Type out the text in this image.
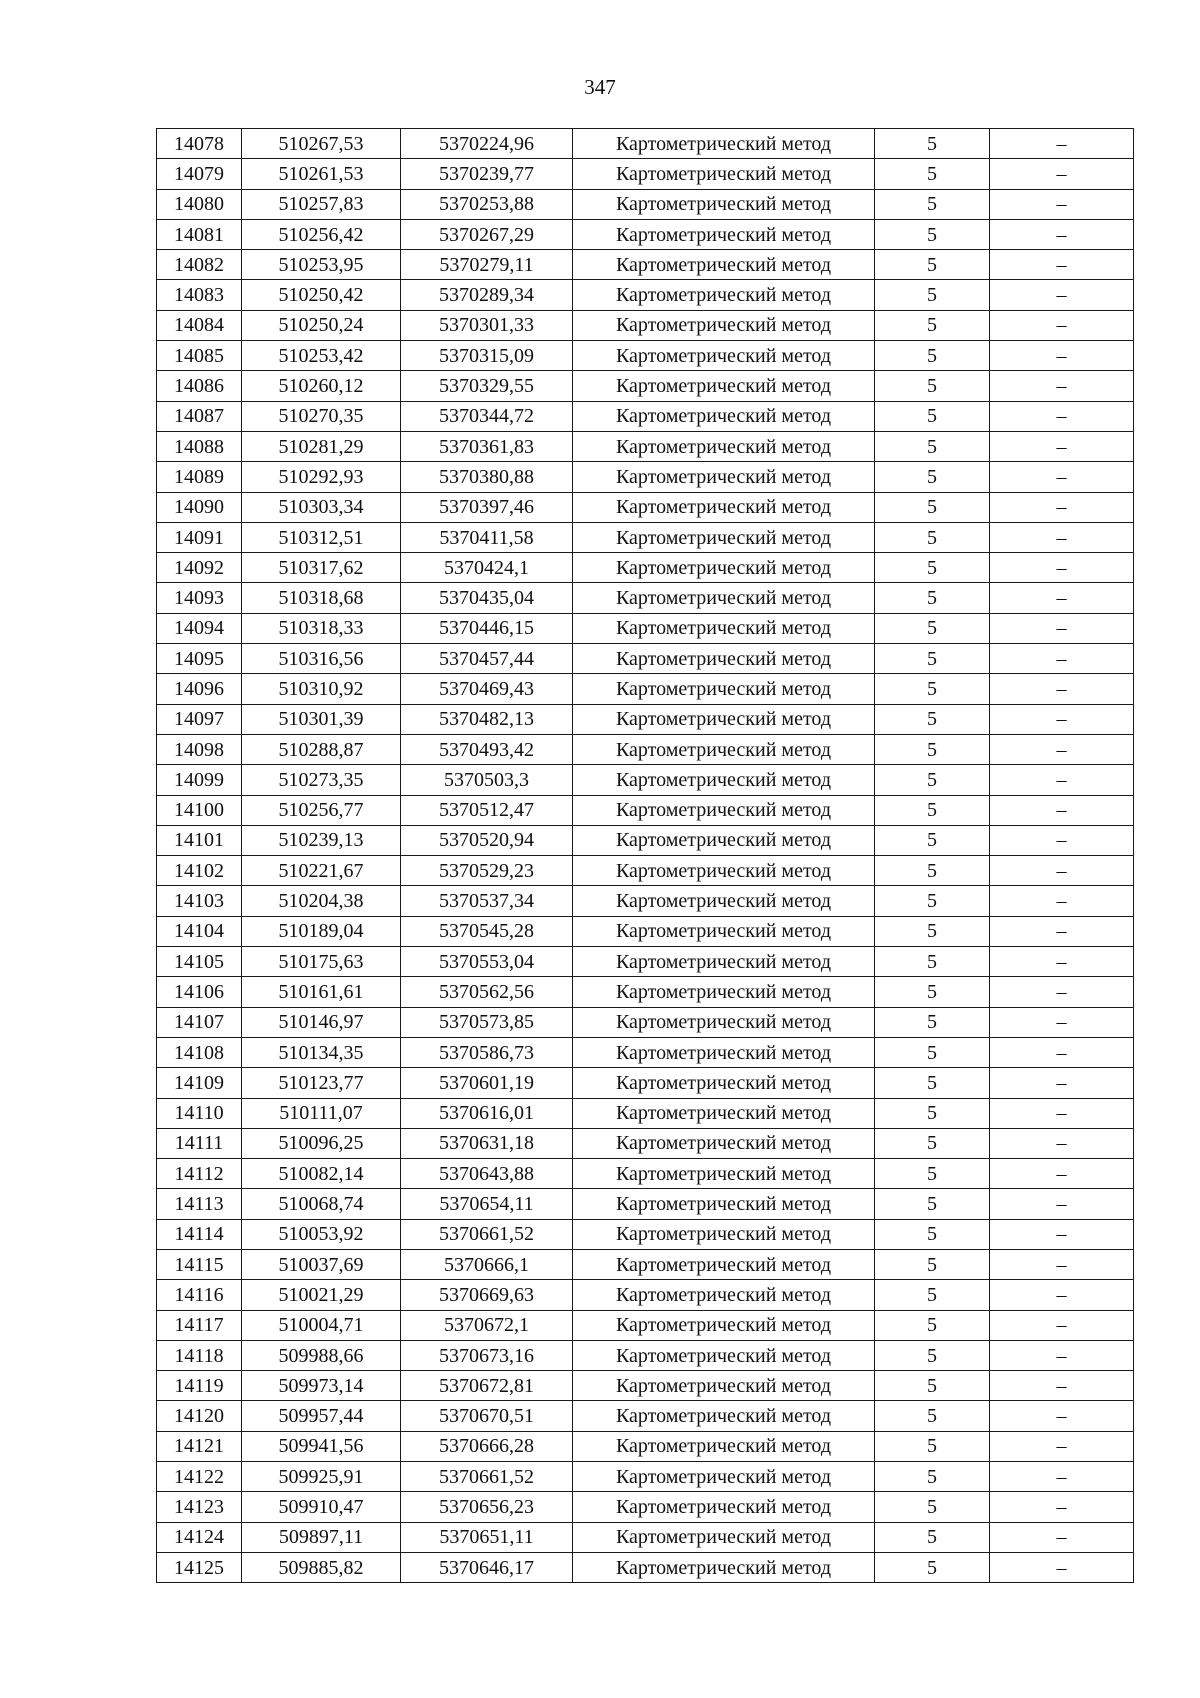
347
14078	510267,53	5370224,96	Картометрический метод	5	–
14079	510261,53	5370239,77	Картометрический метод	5	–
14080	510257,83	5370253,88	Картометрический метод	5	–
14081	510256,42	5370267,29	Картометрический метод	5	–
14082	510253,95	5370279,11	Картометрический метод	5	–
14083	510250,42	5370289,34	Картометрический метод	5	–
14084	510250,24	5370301,33	Картометрический метод	5	–
14085	510253,42	5370315,09	Картометрический метод	5	–
14086	510260,12	5370329,55	Картометрический метод	5	–
14087	510270,35	5370344,72	Картометрический метод	5	–
14088	510281,29	5370361,83	Картометрический метод	5	–
14089	510292,93	5370380,88	Картометрический метод	5	–
14090	510303,34	5370397,46	Картометрический метод	5	–
14091	510312,51	5370411,58	Картометрический метод	5	–
14092	510317,62	5370424,1	Картометрический метод	5	–
14093	510318,68	5370435,04	Картометрический метод	5	–
14094	510318,33	5370446,15	Картометрический метод	5	–
14095	510316,56	5370457,44	Картометрический метод	5	–
14096	510310,92	5370469,43	Картометрический метод	5	–
14097	510301,39	5370482,13	Картометрический метод	5	–
14098	510288,87	5370493,42	Картометрический метод	5	–
14099	510273,35	5370503,3	Картометрический метод	5	–
14100	510256,77	5370512,47	Картометрический метод	5	–
14101	510239,13	5370520,94	Картометрический метод	5	–
14102	510221,67	5370529,23	Картометрический метод	5	–
14103	510204,38	5370537,34	Картометрический метод	5	–
14104	510189,04	5370545,28	Картометрический метод	5	–
14105	510175,63	5370553,04	Картометрический метод	5	–
14106	510161,61	5370562,56	Картометрический метод	5	–
14107	510146,97	5370573,85	Картометрический метод	5	–
14108	510134,35	5370586,73	Картометрический метод	5	–
14109	510123,77	5370601,19	Картометрический метод	5	–
14110	510111,07	5370616,01	Картометрический метод	5	–
14111	510096,25	5370631,18	Картометрический метод	5	–
14112	510082,14	5370643,88	Картометрический метод	5	–
14113	510068,74	5370654,11	Картометрический метод	5	–
14114	510053,92	5370661,52	Картометрический метод	5	–
14115	510037,69	5370666,1	Картометрический метод	5	–
14116	510021,29	5370669,63	Картометрический метод	5	–
14117	510004,71	5370672,1	Картометрический метод	5	–
14118	509988,66	5370673,16	Картометрический метод	5	–
14119	509973,14	5370672,81	Картометрический метод	5	–
14120	509957,44	5370670,51	Картометрический метод	5	–
14121	509941,56	5370666,28	Картометрический метод	5	–
14122	509925,91	5370661,52	Картометрический метод	5	–
14123	509910,47	5370656,23	Картометрический метод	5	–
14124	509897,11	5370651,11	Картометрический метод	5	–
14125	509885,82	5370646,17	Картометрический метод	5	–
